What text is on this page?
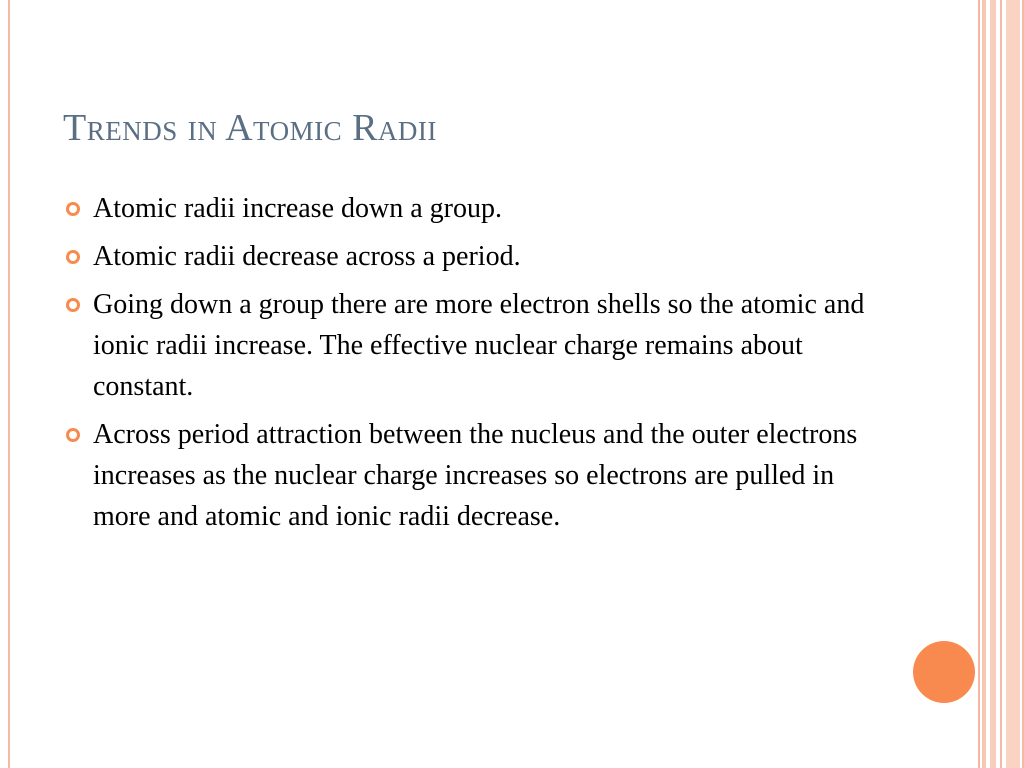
Trends in Atomic Radii
Atomic radii increase down a group.
Atomic radii decrease across a period.
Going down a group there are more electron shells so the atomic and ionic radii increase. The effective nuclear charge remains about constant.
Across period attraction between the nucleus and the outer electrons increases as the nuclear charge increases so electrons are pulled in more and atomic and ionic radii decrease.
